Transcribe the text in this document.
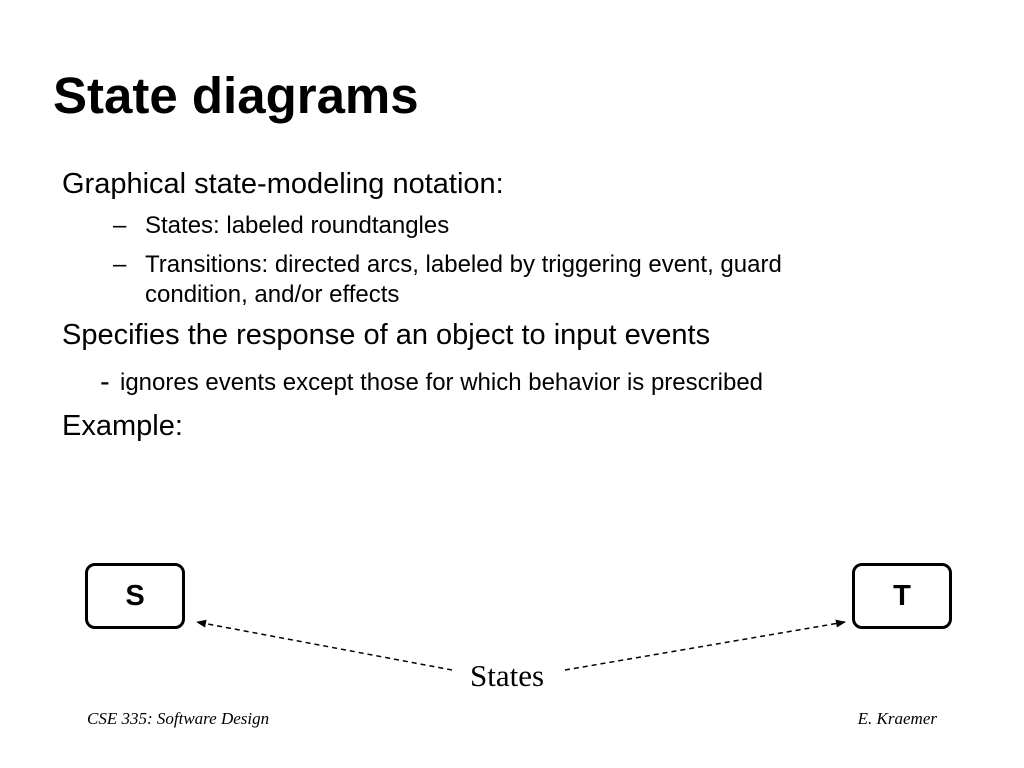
State diagrams

Graphical state-modeling notation:

– States: labeled roundtangles
– Transitions: directed arcs, labeled by triggering event, guard
condition, and/or effects

Specifies the response of an object to input events

- ignores events except those for which behavior is prescribed

Example:

S	T
States
CSE 335: Software Design	E. Kraemer
